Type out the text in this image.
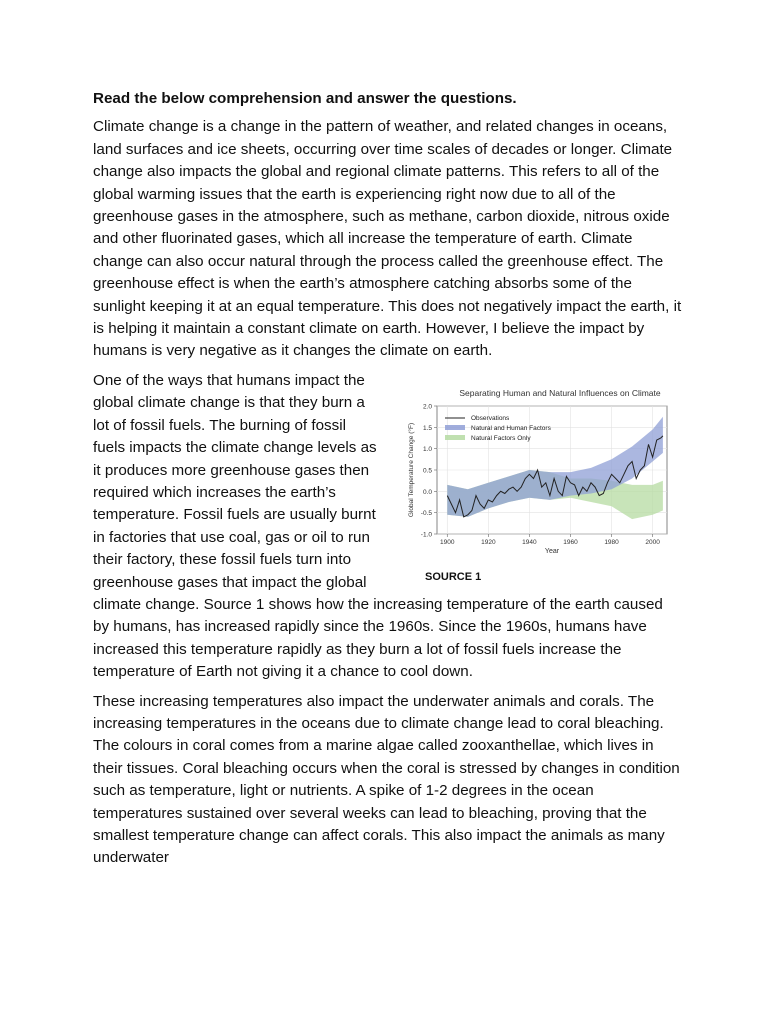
Read the below comprehension and answer the questions.

Climate change is a change in the pattern of weather, and related changes in oceans, land surfaces and ice sheets, occurring over time scales of decades or longer. Climate change also impacts the global and regional climate patterns. This refers to all of the global warming issues that the earth is experiencing right now due to all of the greenhouse gases in the atmosphere, such as methane, carbon dioxide, nitrous oxide and other fluorinated gases, which all increase the temperature of earth. Climate change can also occur natural through the process called the greenhouse effect. The greenhouse effect is when the earth’s atmosphere catching absorbs some of the sunlight keeping it at an equal temperature. This does not negatively impact the earth, it is helping it maintain a constant climate on earth. However, I believe the impact by humans is very negative as it changes the climate on earth.

Separating Human and Natural Influences on Climate
-1.0
-0.5
0.0
0.5
1.0
1.5
2.0
1900	1920	1940	1960	1980	2000
Year
Global Temperature Change (°F)
Observations
Natural and Human Factors
Natural Factors Only
SOURCE 1

One of the ways that humans impact the global climate change is that they burn a lot of fossil fuels. The burning of fossil fuels impacts the climate change levels as it produces more greenhouse gases then required which increases the earth’s temperature. Fossil fuels are usually burnt in factories that use coal, gas or oil to run their factory, these fossil fuels turn into greenhouse gases that impact the global climate change. Source 1 shows how the increasing temperature of the earth caused by humans, has increased rapidly since the 1960s. Since the 1960s, humans have increased this temperature rapidly as they burn a lot of fossil fuels increase the temperature of Earth not giving it a chance to cool down.

These increasing temperatures also impact the underwater animals and corals. The increasing temperatures in the oceans due to climate change lead to coral bleaching. The colours in coral comes from a marine algae called zooxanthellae, which lives in their tissues. Coral bleaching occurs when the coral is stressed by changes in condition such as temperature, light or nutrients. A spike of 1-2 degrees in the ocean temperatures sustained over several weeks can lead to bleaching, proving that the smallest temperature change can affect corals. This also impact the animals as many underwater
